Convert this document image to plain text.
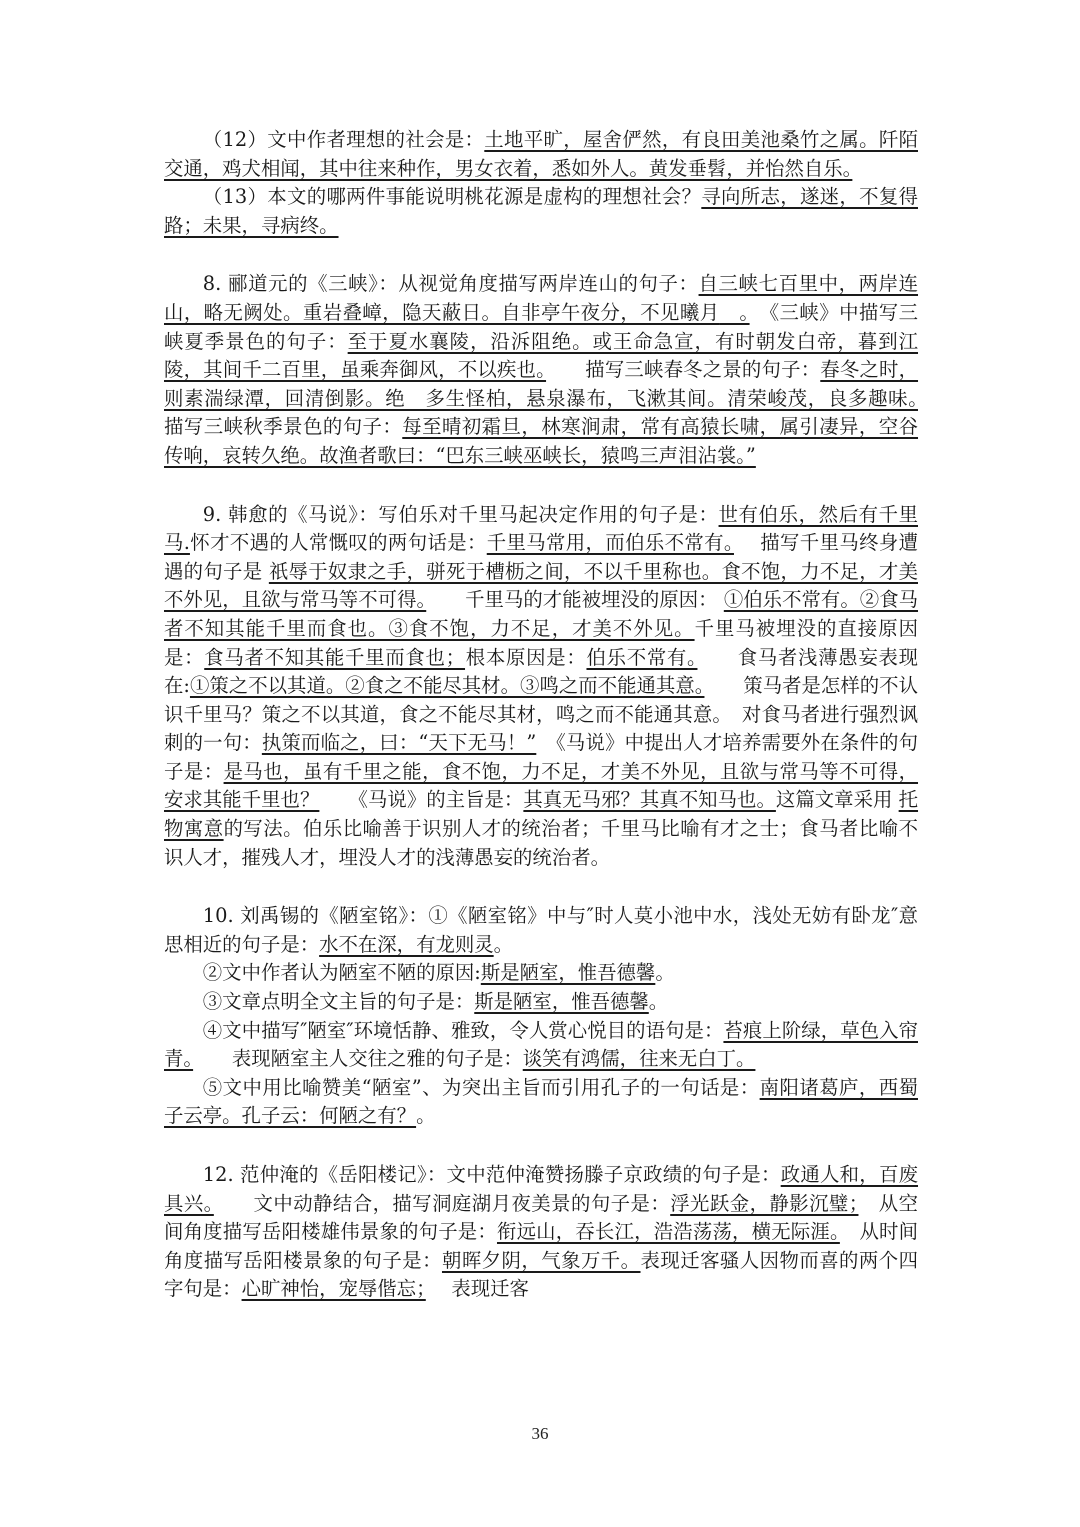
（12）文中作者理想的社会是：土地平旷，屋舍俨然，有良田美池桑竹之属。阡陌交通，鸡犬相闻，其中往来种作，男女衣着，悉如外人。黄发垂髫，并怡然自乐。　　

（13）本文的哪两件事能说明桃花源是虚构的理想社会？寻向所志，遂迷，不复得路；未果，寻病终。

8. 郦道元的《三峡》：从视觉角度描写两岸连山的句子：自三峡七百里中，两岸连山，略无阙处。重岩叠嶂，隐天蔽日。自非亭午夜分，不见曦月　。　 《三峡》中描写三峡夏季景色的句子：至于夏水襄陵，沿泝阻绝。或王命急宣，有时朝发白帝，暮到江陵，其间千二百里，虽乘奔御风，不以疾也。　　 描写三峡春冬之景的句子：春冬之时，则素湍绿潭，回清倒影。绝　多生怪柏，悬泉瀑布，飞漱其间。清荣峻茂，良多趣味。　　描写三峡秋季景色的句子：每至晴初霜旦，林寒涧肃，常有高猿长啸，属引凄异，空谷传响，哀转久绝。故渔者歌曰：“巴东三峡巫峡长，猿鸣三声泪沾裳。”

9. 韩愈的《马说》：写伯乐对千里马起决定作用的句子是：世有伯乐，然后有千里马.怀才不遇的人常慨叹的两句话是：千里马常用，而伯乐不常有。　 描写千里马终身遭遇的句子是 祇辱于奴隶之手，骈死于槽枥之间，不以千里称也。食不饱，力不足，才美不外见，且欲与常马等不可得。　　 千里马的才能被埋没的原因： ①伯乐不常有。②食马者不知其能千里而食也。③食不饱，力不足，才美不外见。千里马被埋没的直接原因是：食马者不知其能千里而食也；根本原因是：伯乐不常有。　　 食马者浅薄愚妄表现在:①策之不以其道。②食之不能尽其材。③鸣之而不能通其意。　　 策马者是怎样的不认识千里马？策之不以其道，食之不能尽其材，鸣之而不能通其意。　 对食马者进行强烈讽刺的一句：执策而临之，曰：“天下无马！”　 《马说》中提出人才培养需要外在条件的句子是：是马也，虽有千里之能，食不饱，力不足，才美不外见，且欲与常马等不可得，安求其能千里也？　　 《马说》的主旨是：其真无马邪？其真不知马也。这篇文章采用 托物寓意的写法。伯乐比喻善于识别人才的统治者；千里马比喻有才之士；食马者比喻不识人才，摧残人才，埋没人才的浅薄愚妄的统治者。

10. 刘禹锡的《陋室铭》：①《陋室铭》中与″时人莫小池中水，浅处无妨有卧龙″意思相近的句子是：水不在深，有龙则灵。

②文中作者认为陋室不陋的原因:斯是陋室，惟吾德馨。

③文章点明全文主旨的句子是：斯是陋室，惟吾德馨。

④文中描写″陋室″环境恬静、雅致，令人赏心悦目的语句是：苔痕上阶绿，草色入帘青。　　 表现陋室主人交往之雅的句子是：谈笑有鸿儒，往来无白丁。

⑤文中用比喻赞美“陋室”、为突出主旨而引用孔子的一句话是：南阳诸葛庐，西蜀子云亭。孔子云：何陋之有？。

12. 范仲淹的《岳阳楼记》：文中范仲淹赞扬滕子京政绩的句子是：政通人和，百废具兴。　　 文中动静结合，描写洞庭湖月夜美景的句子是：浮光跃金，静影沉璧；　 从空间角度描写岳阳楼雄伟景象的句子是：衔远山，吞长江，浩浩荡荡，横无际涯。　 从时间角度描写岳阳楼景象的句子是：朝晖夕阴，气象万千。表现迁客骚人因物而喜的两个四字句是：心旷神怡，宠辱偕忘；　 表现迁客

36
